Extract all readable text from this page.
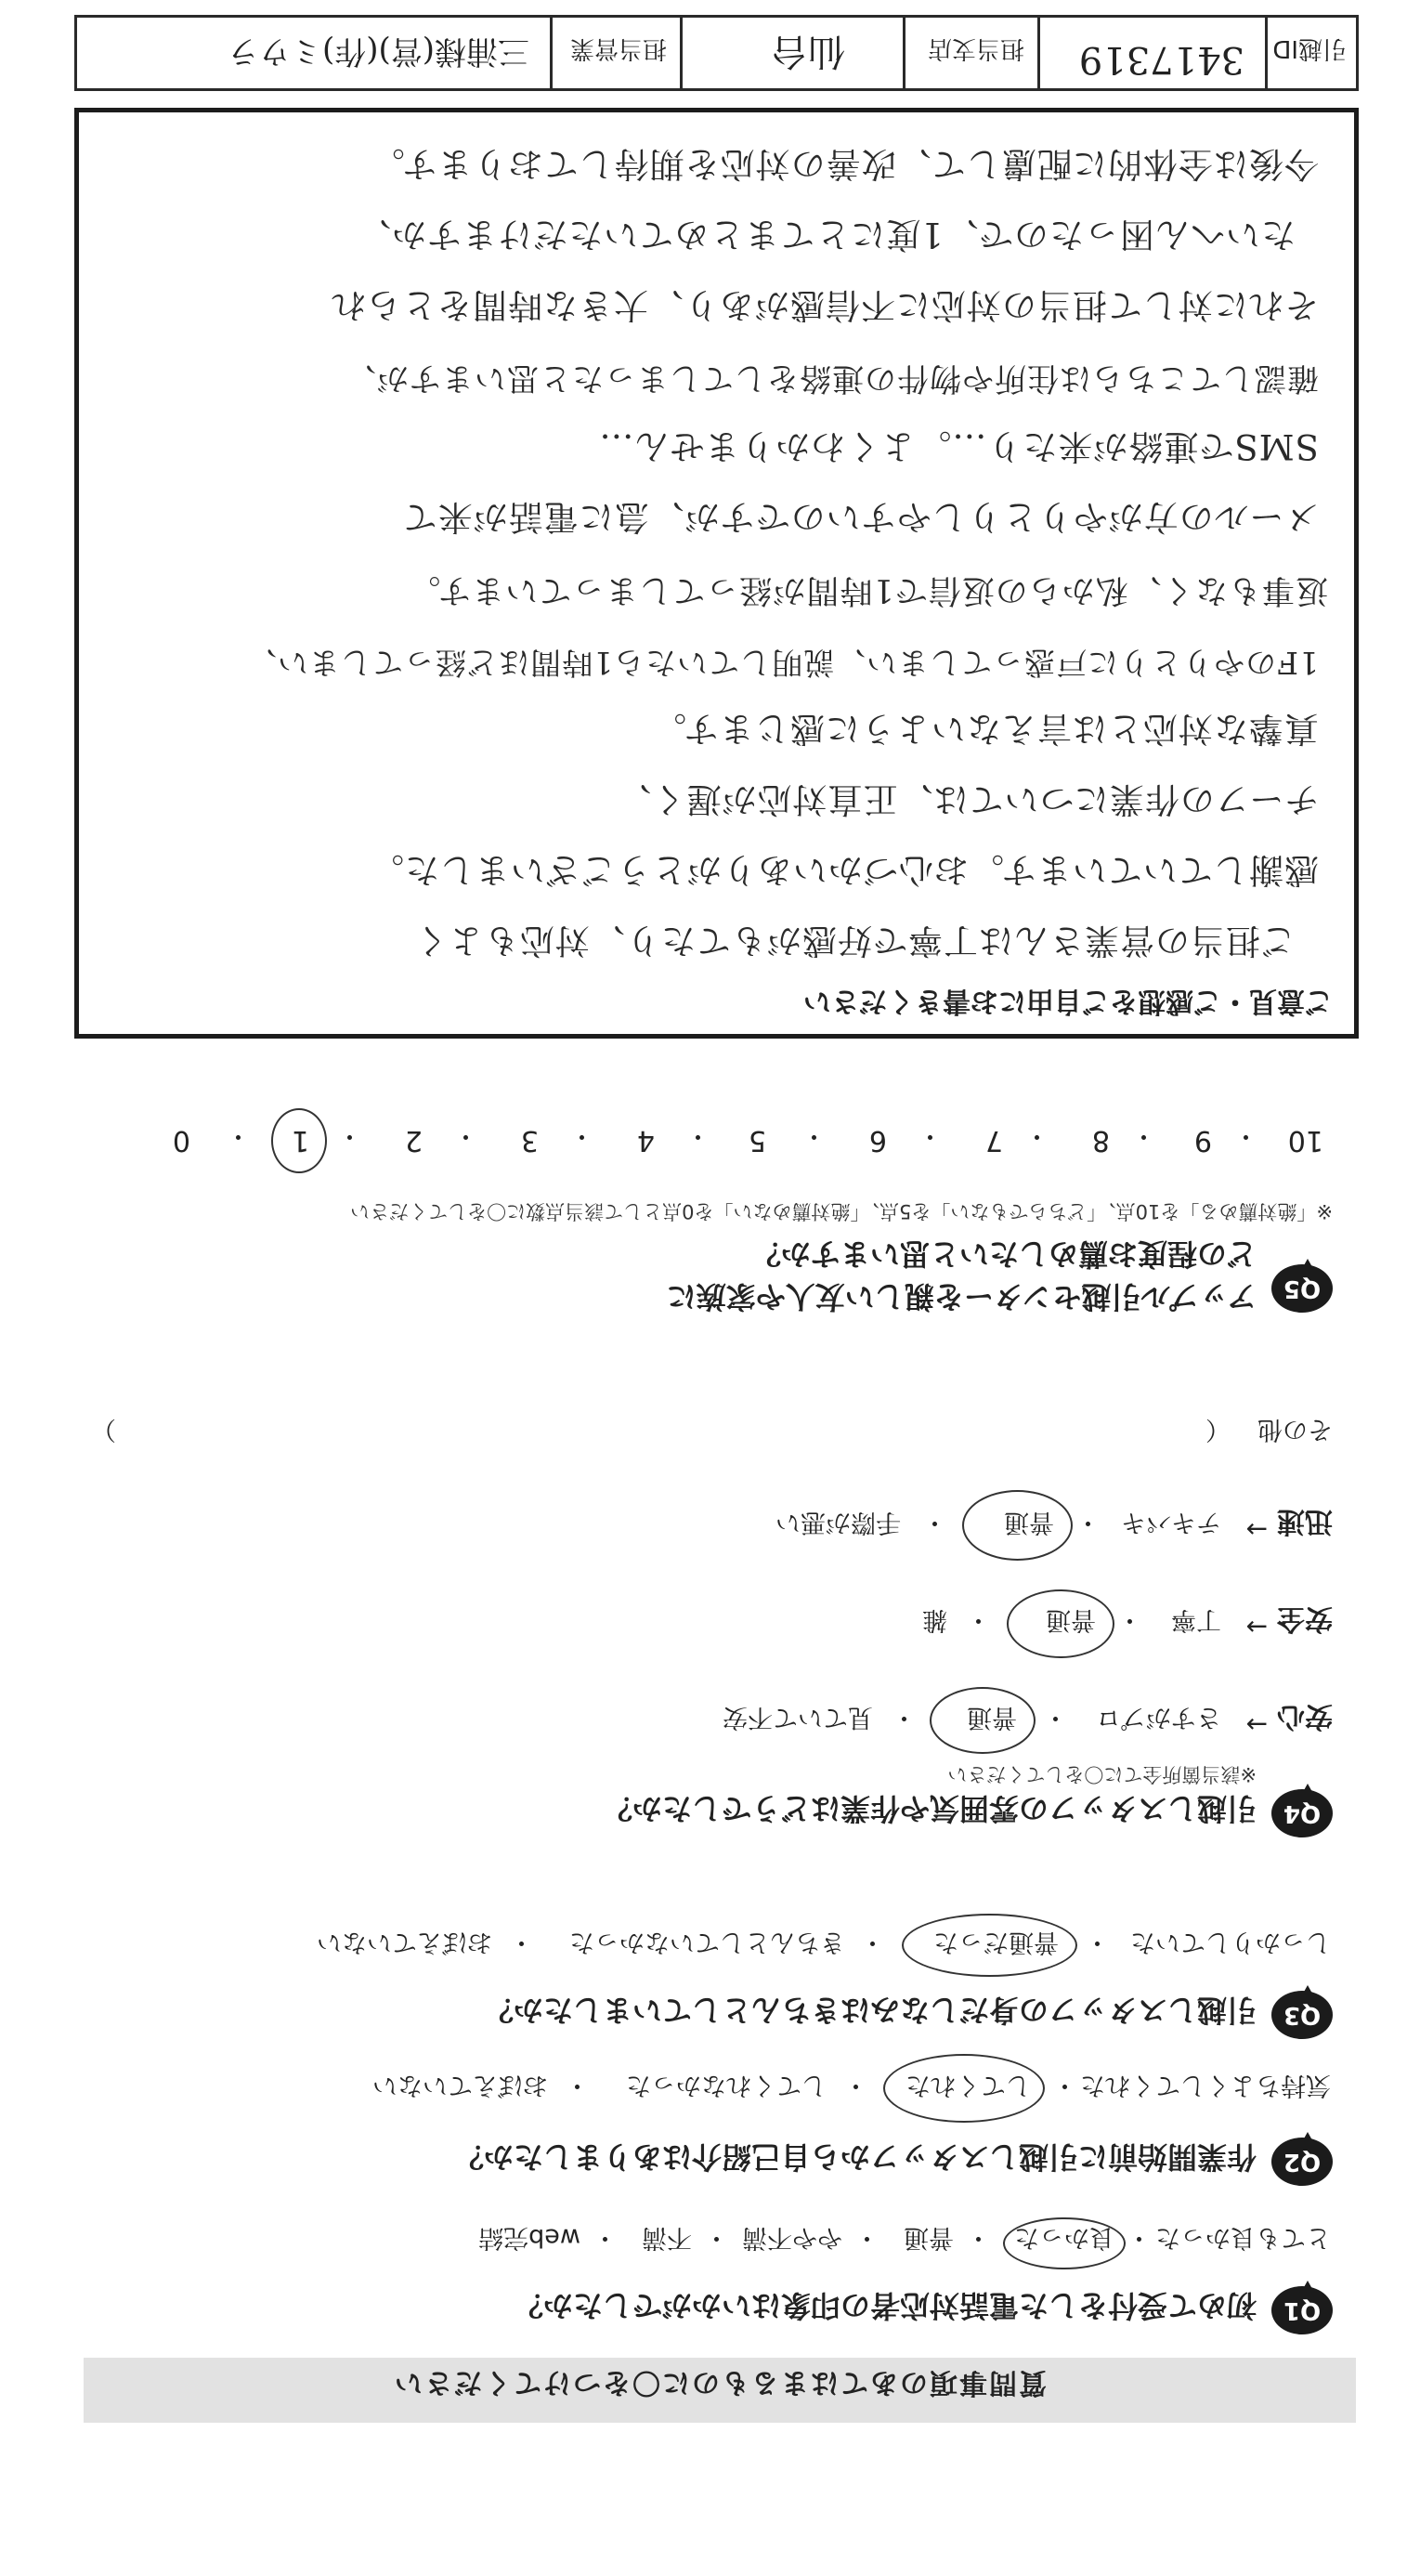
質問事項のあてはまるものに〇をつけてください
Q1
初めて受付をした電話対応者の印象はいかがでしたか？
とても良かった
・
良かった
・
普通
・
やや不満
・
不満
・
web完結
Q2
作業開始前に引越しスタッフから自己紹介はありましたか？
気持ちよくしてくれた
・
してくれた
・
してくれなかった
・
おぼえていない
Q3
引越しスタッフの身だしなみはきちんとしていましたか？
しっかりしていた
・
普通だった
・
きちんとしていなかった
・
おぼえていない
Q4
引越しスタッフの雰囲気や作業はどうでしたか？
※該当箇所全てに〇をしてください
安心
→
さすがプロ
・
普通
・
見ていて不安
安全
→
丁寧
・
普通
・
雑
迅速
→
テキパキ
・
普通
・
手際が悪い
その他
（
）
Q5
アップル引越センターを親しい友人や家族に
どの程度お薦めしたいと思いますか？
※「絶対薦める」を10点、「どちらでもない」を5点、「絶対薦めない」を0点として該当点数に〇をしてください
10
・
9
・
8
・
7
・
6
・
5
・
4
・
3
・
2
・
1
・
0
ご意見・ご感想をご自由にお書きください
ご担当の営業さんは丁寧で好感がもてたり、対応もよく
感謝していています。お心づかいありがとうございました。
チーフの作業については、正直対応が遅く、
真摯な対応とは言えないように感じます。
1Fのやりとりに戸惑ってしまい、説明していたら1時間ほど経ってしまい、
返事もなく、私からの返信で1時間が経ってしまっています。
メールの方がやりとりしやすいのですが、急に電話が来て
SMSで連絡が来たり…。よくわかりません…
確認してこちらは住所や物件の連絡をしてしまったと思いますが、
それに対して担当の対応に不信感があり、大きな時間をとられ
たいへん困ったので、1度にとてまとめていただけますか、
今後は全体的に配慮して、改善の対応を期待しております。
引越ID
3417319
担当支店
仙台
担当営業
三浦様(営)(作)ミウラ
